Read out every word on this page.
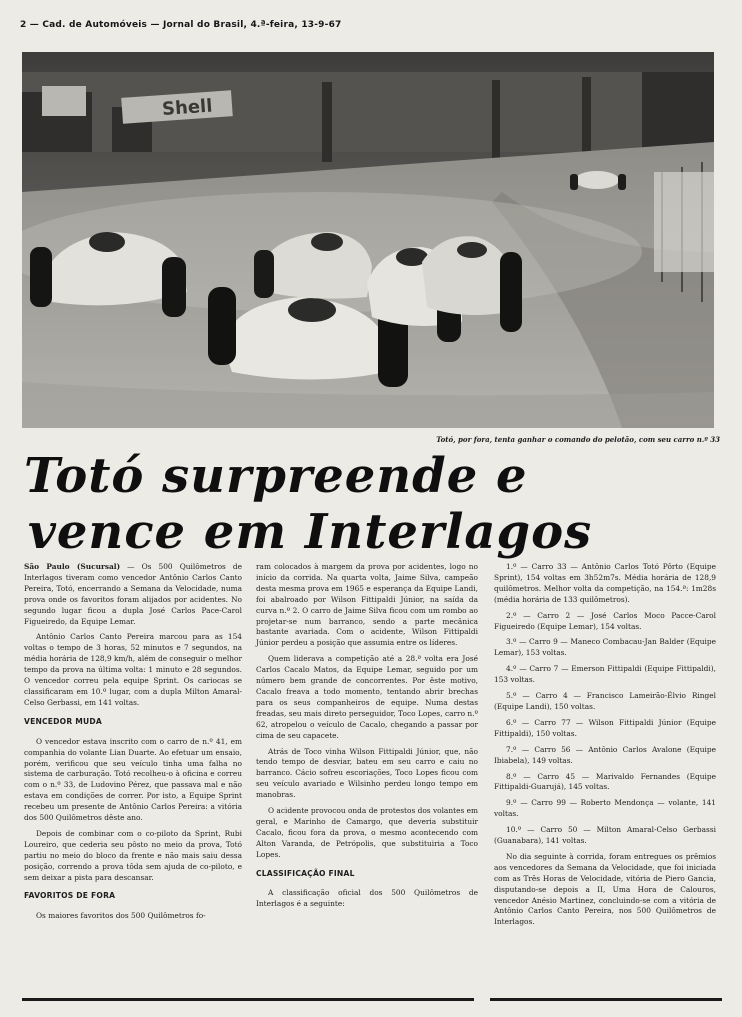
2 — Cad. de Automóveis — Jornal do Brasil, 4.ª-feira, 13-9-67
Shell
Totó, por fora, tenta ganhar o comando do pelotão, com seu carro n.º 33
Totó surpreende e
vence em Interlagos

São Paulo (Sucursal) — Os 500 Quilômetros de Interlagos tiveram como vencedor Antônio Carlos Canto Pereira, Totó, encerrando a Semana da Velocidade, numa prova onde os favoritos foram alijados por acidentes. No segundo lugar ficou a dupla José Carlos Pace-Carol Figueiredo, da Equipe Lemar.

Antônio Carlos Canto Pereira marcou para as 154 voltas o tempo de 3 horas, 52 minutos e 7 segundos, na média horária de 128,9 km/h, além de conseguir o melhor tempo da prova na última volta: 1 minuto e 28 segundos. O vencedor correu pela equipe Sprint. Os cariocas se classificaram em 10.º lugar, com a dupla Milton Amaral-Celso Gerbassi, em 141 voltas.

VENCEDOR MUDA

O vencedor estava inscrito com o carro de n.º 41, em companhia do volante Lian Duarte. Ao efetuar um ensaio, porém, verificou que seu veículo tinha uma falha no sistema de carburação. Totó recolheu-o à oficina e correu com o n.º 33, de Ludovino Pérez, que passava mal e não estava em condições de correr. Por isto, a Equipe Sprint recebeu um presente de Antônio Carlos Pereira: a vitória dos 500 Quilômetros dêste ano.

Depois de combinar com o co-piloto da Sprint, Rubi Loureiro, que cederia seu pôsto no meio da prova, Totó partiu no meio do bloco da frente e não mais saiu dessa posição, correndo a prova tôda sem ajuda de co-piloto, e sem deixar a pista para descansar.

FAVORITOS DE FORA

Os maiores favoritos dos 500 Quilômetros fo-

ram colocados à margem da prova por acidentes, logo no início da corrida. Na quarta volta, Jaime Silva, campeão desta mesma prova em 1965 e esperança da Equipe Landi, foi abalroado por Wilson Fittipaldi Júnior, na saída da curva n.º 2. O carro de Jaime Silva ficou com um rombo ao projetar-se num barranco, sendo a parte mecânica bastante avariada. Com o acidente, Wilson Fittipaldi Júnior perdeu a posição que assumia entre os líderes.

Quem liderava a competição até a 28.ª volta era José Carlos Cacalo Matos, da Equipe Lemar, seguido por um número bem grande de concorrentes. Por êste motivo, Cacalo freava a todo momento, tentando abrir brechas para os seus companheiros de equipe. Numa destas freadas, seu mais direto perseguidor, Toco Lopes, carro n.º 62, atropelou o veículo de Cacalo, chegando a passar por cima de seu capacete.

Atrás de Toco vinha Wilson Fittipaldi Júnior, que, não tendo tempo de desviar, bateu em seu carro e caiu no barranco. Cácio sofreu escoriações, Toco Lopes ficou com seu veículo avariado e Wilsinho perdeu longo tempo em manobras.

O acidente provocou onda de protestos dos volantes em geral, e Marinho de Camargo, que deveria substituir Cacalo, ficou fora da prova, o mesmo acontecendo com Alton Varanda, de Petrópolis, que substituiria a Toco Lopes.

CLASSIFICAÇÃO FINAL

A classificação oficial dos 500 Quilômetros de Interlagos é a seguinte:

1.º — Carro 33 — Antônio Carlos Totó Pôrto (Equipe Sprint), 154 voltas em 3h52m7s. Média horária de 128,9 quilômetros. Melhor volta da competição, na 154.ª: 1m28s (média horária de 133 quilômetros).

2.º — Carro 2 — José Carlos Moco Pacce-Carol Figueiredo (Equipe Lemar), 154 voltas.

3.º — Carro 9 — Maneco Combacau-Jan Balder (Equipe Lemar), 153 voltas.

4.º — Carro 7 — Emerson Fittipaldi (Equipe Fittipaldi), 153 voltas.

5.º — Carro 4 — Francisco Lameirão-Élvio Ringel (Equipe Landi), 150 voltas.

6.º — Carro 77 — Wilson Fittipaldi Júnior (Equipe Fittipaldi), 150 voltas.

7.º — Carro 56 — Antônio Carlos Avalone (Equipe Ibiabela), 149 voltas.

8.º — Carro 45 — Marivaldo Fernandes (Equipe Fittipaldi-Guarujá), 145 voltas.

9.º — Carro 99 — Roberto Mendonça — volante, 141 voltas.

10.º — Carro 50 — Milton Amaral-Celso Gerbassi (Guanabara), 141 voltas.

No dia seguinte à corrida, foram entregues os prêmios aos vencedores da Semana da Velocidade, que foi iniciada com as Três Horas de Velocidade, vitória de Piero Gancia, disputando-se depois a II, Uma Hora de Calouros, vencedor Anésio Martinez, concluindo-se com a vitória de Antônio Carlos Canto Pereira, nos 500 Quilômetros de Interlagos.
